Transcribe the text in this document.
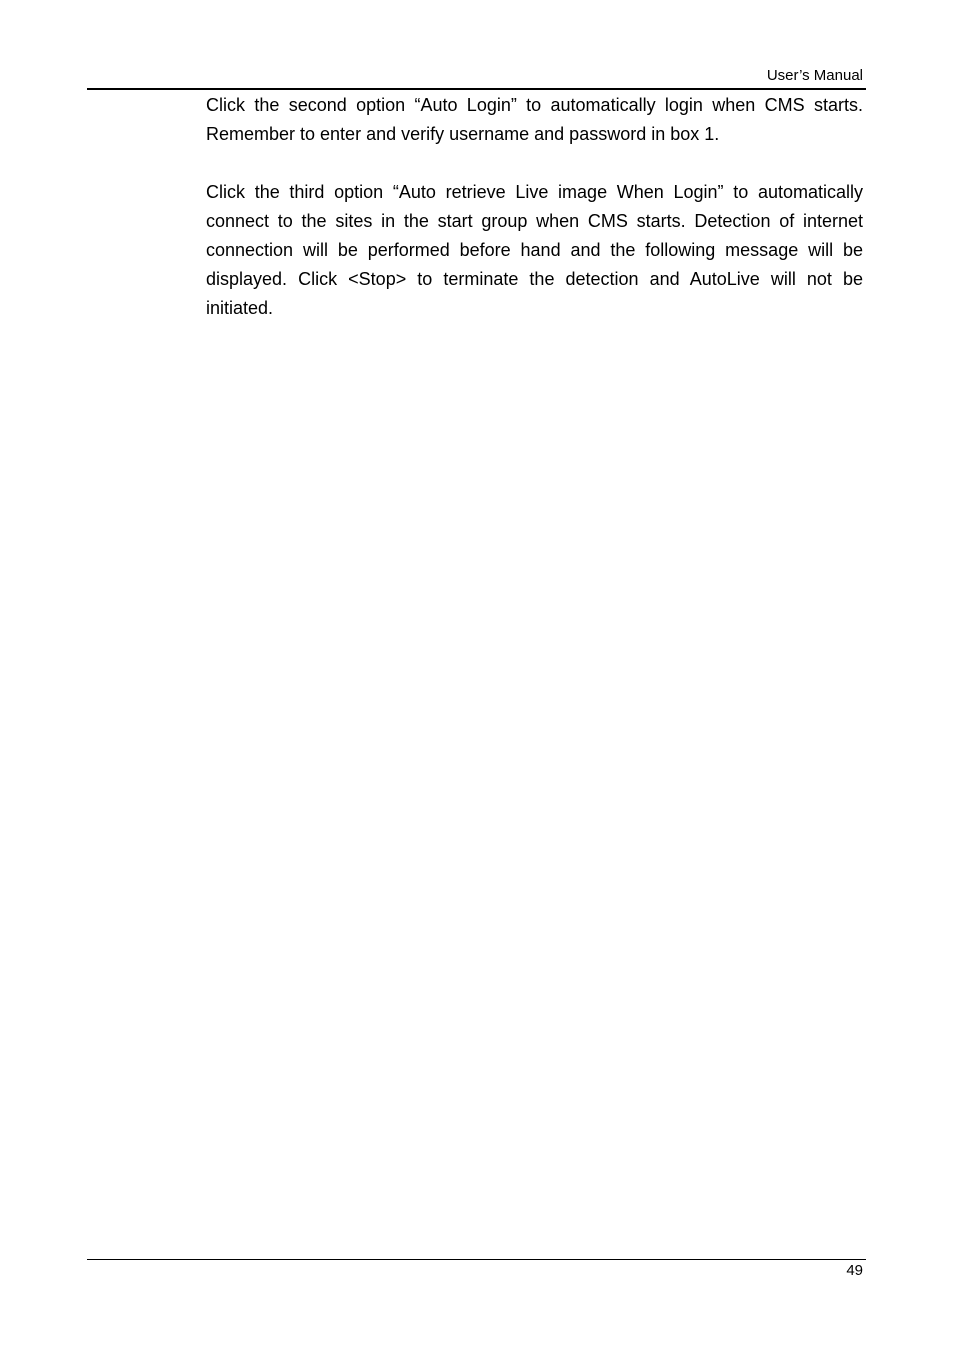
User’s Manual

Click the second option “Auto Login” to automatically login when CMS starts. Remember to enter and verify username and password in box 1.

Click the third option “Auto retrieve Live image When Login” to automatically connect to the sites in the start group when CMS starts. Detection of internet connection will be performed before hand and the following message will be displayed. Click <Stop> to terminate the detection and AutoLive will not be initiated.

49
